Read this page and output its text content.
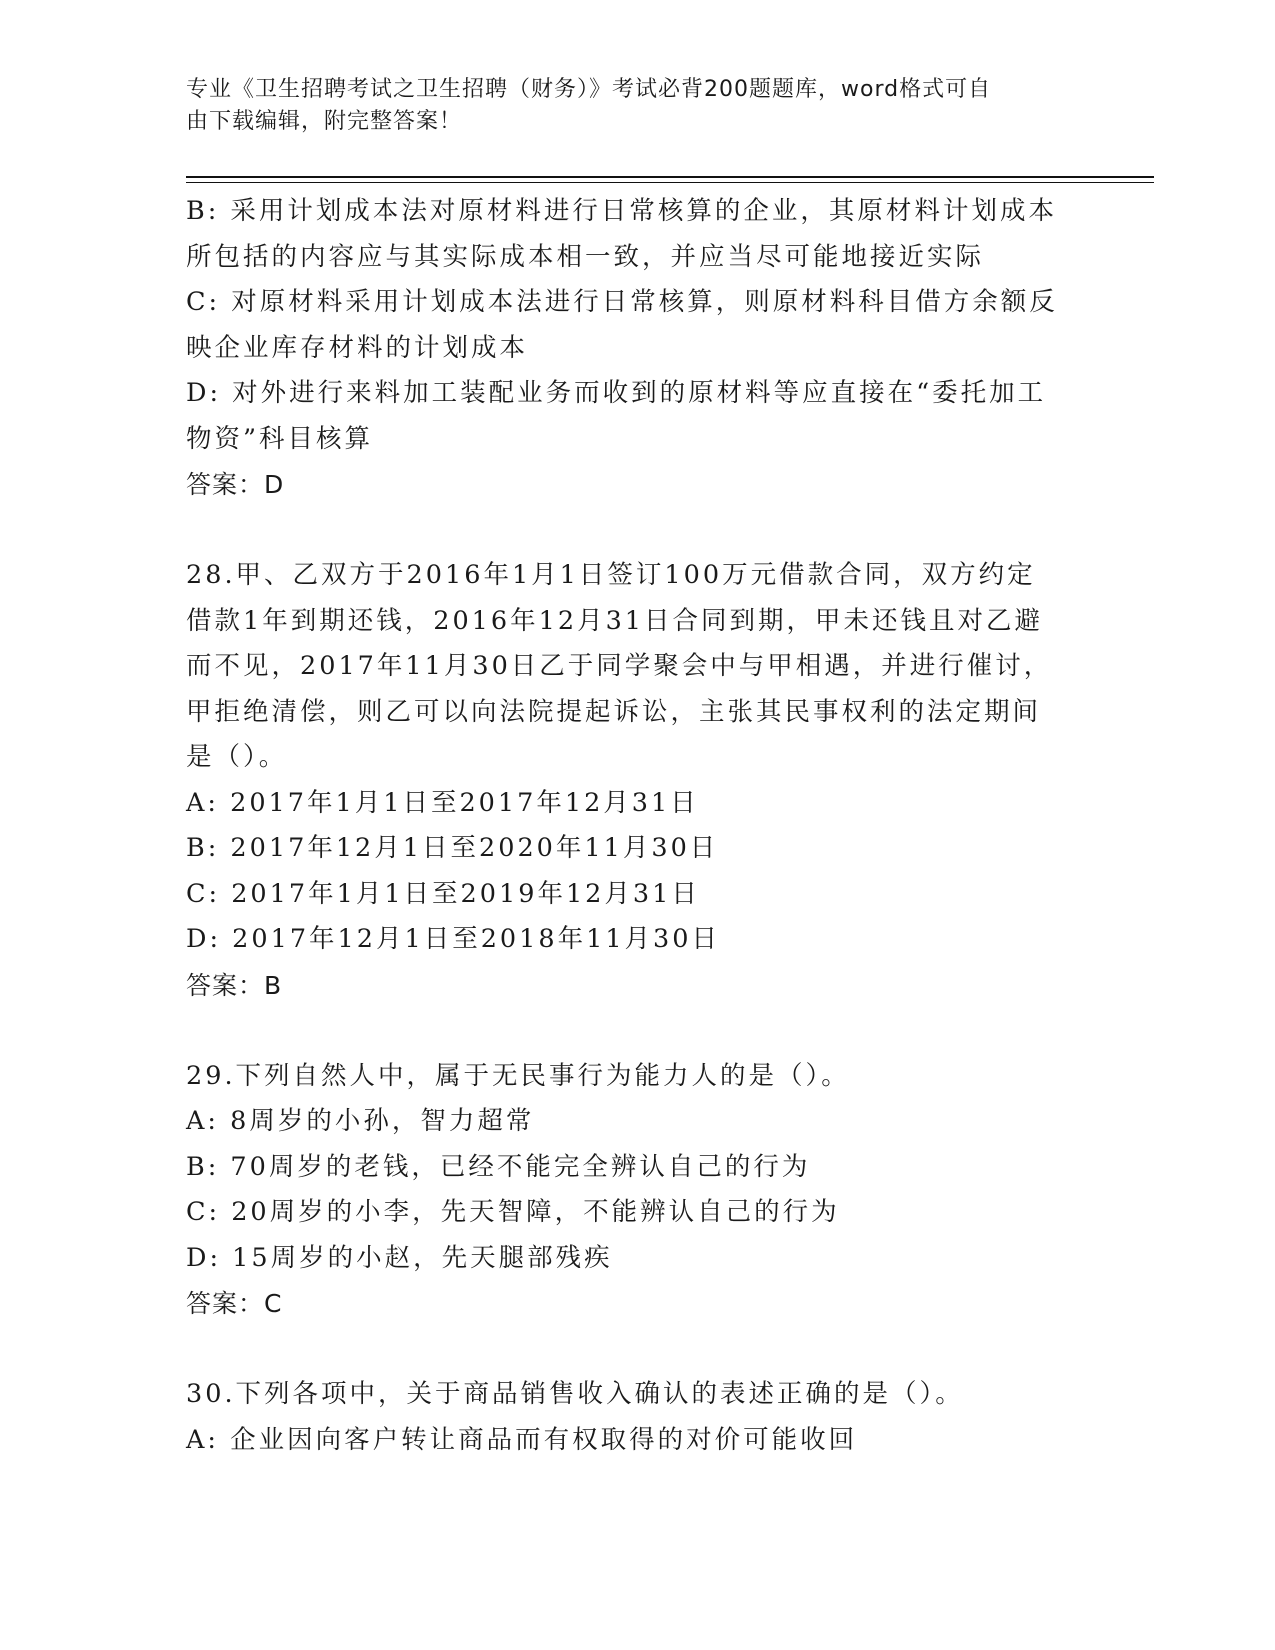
专业《卫生招聘考试之卫生招聘（财务）》考试必背200题题库，word格式可自
由下载编辑，附完整答案！
B: 采用计划成本法对原材料进行日常核算的企业，其原材料计划成本
所包括的内容应与其实际成本相一致，并应当尽可能地接近实际
C: 对原材料采用计划成本法进行日常核算，则原材料科目借方余额反
映企业库存材料的计划成本
D: 对外进行来料加工装配业务而收到的原材料等应直接在“委托加工
物资”科目核算
答案：D
28.甲、乙双方于2016年1月1日签订100万元借款合同，双方约定
借款1年到期还钱，2016年12月31日合同到期，甲未还钱且对乙避
而不见，2017年11月30日乙于同学聚会中与甲相遇，并进行催讨，
甲拒绝清偿，则乙可以向法院提起诉讼，主张其民事权利的法定期间
是（）。
A: 2017年1月1日至2017年12月31日
B: 2017年12月1日至2020年11月30日
C: 2017年1月1日至2019年12月31日
D: 2017年12月1日至2018年11月30日
答案：B
29.下列自然人中，属于无民事行为能力人的是（）。
A: 8周岁的小孙，智力超常
B: 70周岁的老钱，已经不能完全辨认自己的行为
C: 20周岁的小李，先天智障，不能辨认自己的行为
D: 15周岁的小赵，先天腿部残疾
答案：C
30.下列各项中，关于商品销售收入确认的表述正确的是（）。
A: 企业因向客户转让商品而有权取得的对价可能收回
